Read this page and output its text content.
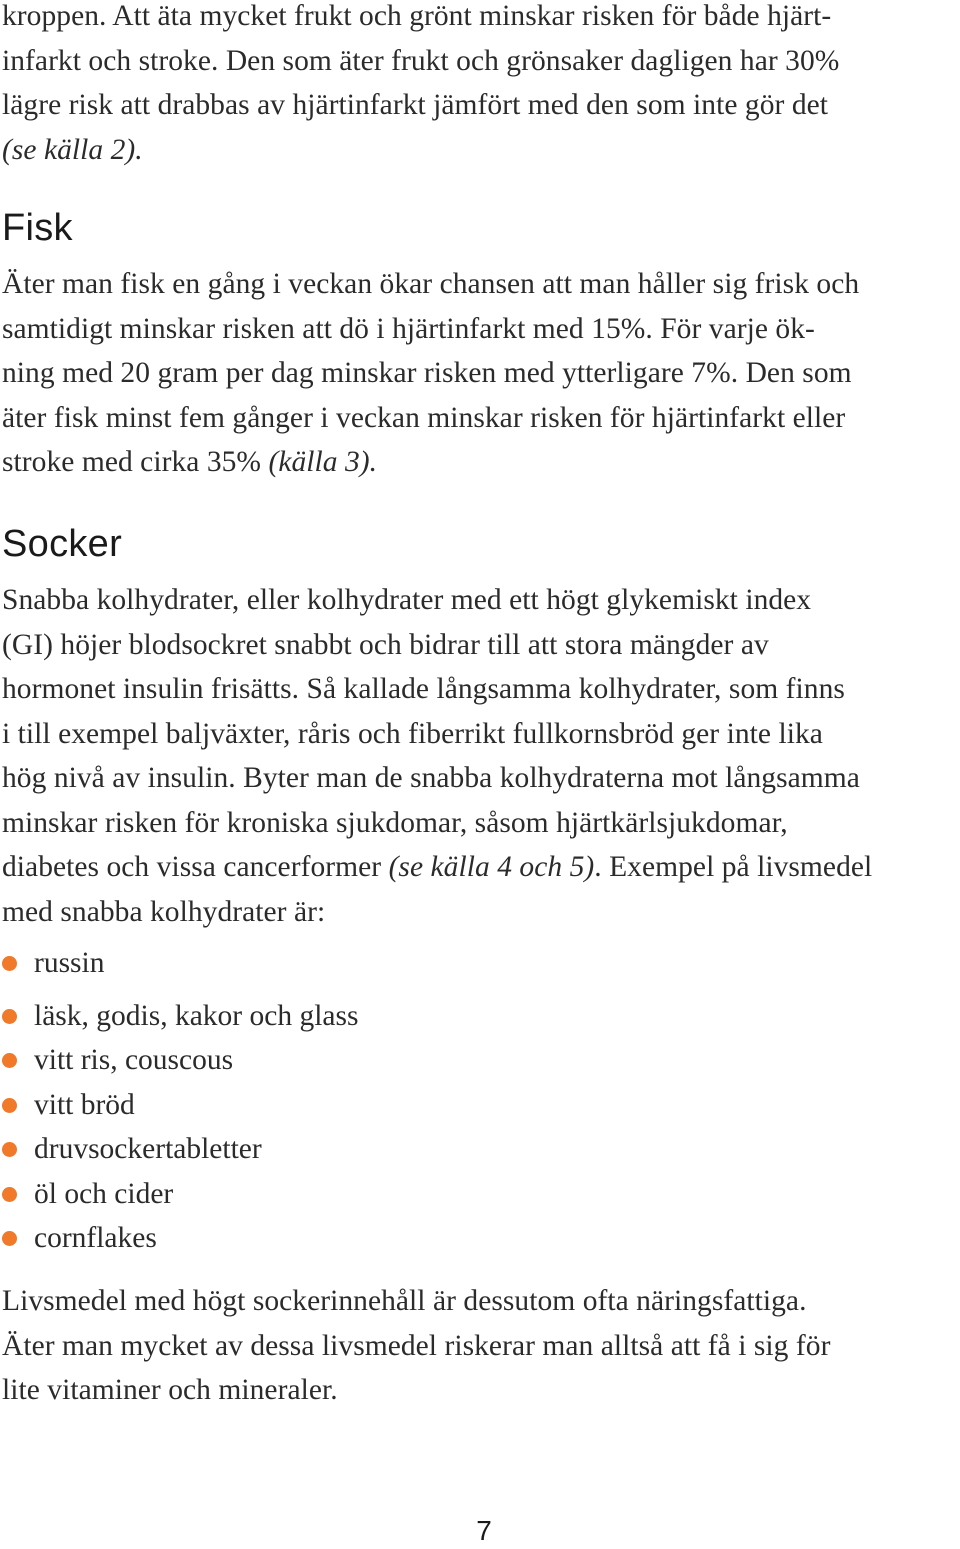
kroppen. Att äta mycket frukt och grönt minskar risken för både hjärt-
infarkt och stroke. Den som äter frukt och grönsaker dagligen har 30%
lägre risk att drabbas av hjärtinfarkt jämfört med den som inte gör det
(se källa 2).

Fisk

Äter man fisk en gång i veckan ökar chansen att man håller sig frisk och
samtidigt minskar risken att dö i hjärtinfarkt med 15%. För varje ök-
ning med 20 gram per dag minskar risken med ytterligare 7%. Den som
äter fisk minst fem gånger i veckan minskar risken för hjärtinfarkt eller
stroke med cirka 35% (källa 3).

Socker

Snabba kolhydrater, eller kolhydrater med ett högt glykemiskt index
(GI) höjer blodsockret snabbt och bidrar till att stora mängder av
hormonet insulin frisätts. Så kallade långsamma kolhydrater, som finns
i till exempel baljväxter, råris och fiberrikt fullkornsbröd ger inte lika
hög nivå av insulin. Byter man de snabba kolhydraterna mot långsamma
minskar risken för kroniska sjukdomar, såsom hjärtkärlsjukdomar,
diabetes och vissa cancerformer (se källa 4 och 5). Exempel på livsmedel
med snabba kolhydrater är:

russin
läsk, godis, kakor och glass
vitt ris, couscous
vitt bröd
druvsockertabletter
öl och cider
cornflakes

Livsmedel med högt sockerinnehåll är dessutom ofta näringsfattiga.
Äter man mycket av dessa livsmedel riskerar man alltså att få i sig för
lite vitaminer och mineraler.

7
